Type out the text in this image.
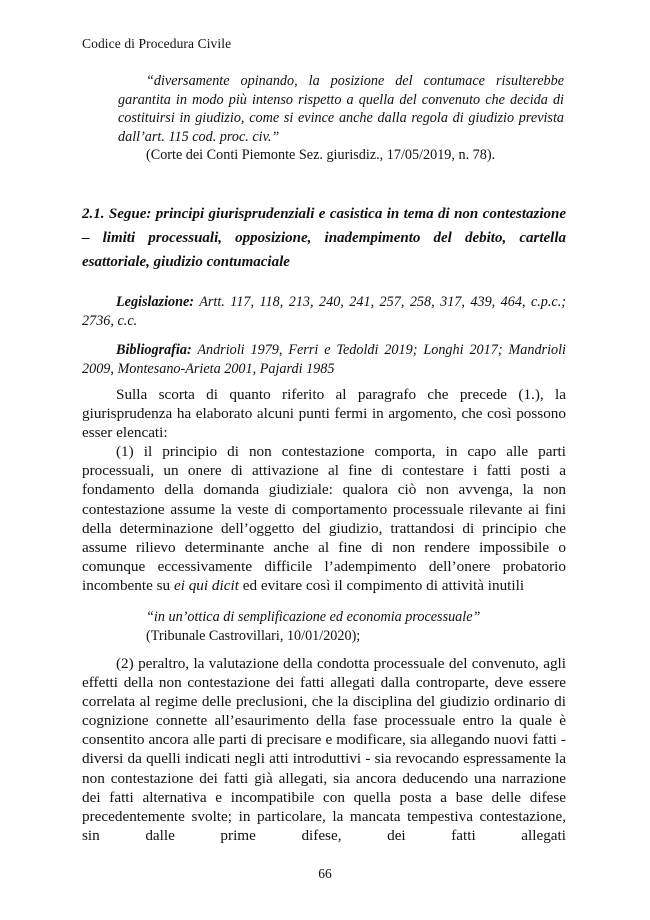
Codice di Procedura Civile
“diversamente opinando, la posizione del contumace risulterebbe garantita in modo più intenso rispetto a quella del convenuto che decida di costituirsi in giudizio, come si evince anche dalla regola di giudizio prevista dall’art. 115 cod. proc. civ.”
(Corte dei Conti Piemonte Sez. giurisdiz., 17/05/2019, n. 78).
2.1. Segue: principi giurisprudenziali e casistica in tema di non contestazione – limiti processuali, opposizione, inadempimento del debito, cartella esattoriale, giudizio contumaciale
Legislazione: Artt. 117, 118, 213, 240, 241, 257, 258, 317, 439, 464, c.p.c.; 2736, c.c.
Bibliografia: Andrioli 1979, Ferri e Tedoldi 2019; Longhi 2017; Mandrioli 2009, Montesano-Arieta 2001, Pajardi 1985

Sulla scorta di quanto riferito al paragrafo che precede (1.), la giurisprudenza ha elaborato alcuni punti fermi in argomento, che così possono esser elencati:

(1) il principio di non contestazione comporta, in capo alle parti processuali, un onere di attivazione al fine di contestare i fatti posti a fondamento della domanda giudiziale: qualora ciò non avvenga, la non contestazione assume la veste di comportamento processuale rilevante ai fini della determinazione dell’oggetto del giudizio, trattandosi di principio che assume rilievo determinante anche al fine di non rendere impossibile o comunque eccessivamente difficile l’adempimento dell’onere probatorio incombente su ei qui dicit ed evitare così il compimento di attività inutili

“in un’ottica di semplificazione ed economia processuale”
(Tribunale Castrovillari, 10/01/2020);

(2) peraltro, la valutazione della condotta processuale del convenuto, agli effetti della non contestazione dei fatti allegati dalla controparte, deve essere correlata al regime delle preclusioni, che la disciplina del giudizio ordinario di cognizione connette all’esaurimento della fase processuale entro la quale è consentito ancora alle parti di precisare e modificare, sia allegando nuovi fatti - diversi da quelli indicati negli atti introduttivi - sia revocando espressamente la non contestazione dei fatti già allegati, sia ancora deducendo una narrazione dei fatti alternativa e incompatibile con quella posta a base delle difese precedentemente svolte; in particolare, la mancata tempestiva contestazione, sin dalle prime difese, dei fatti allegati

66
